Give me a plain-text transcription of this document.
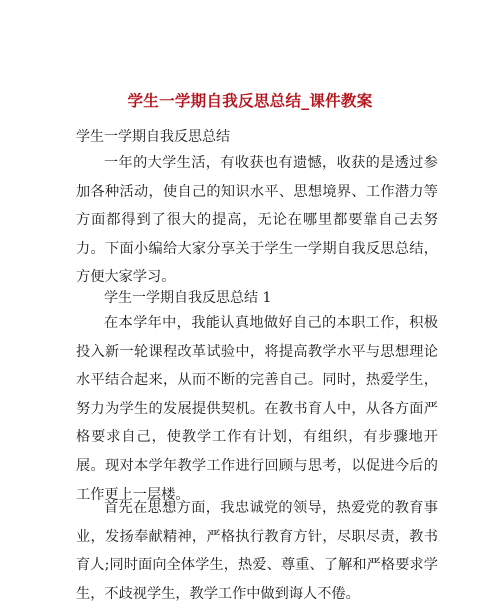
学生一学期自我反思总结_课件教案

学生一学期自我反思总结

一年的大学生活，有收获也有遗憾，收获的是透过参加各种活动，使自己的知识水平、思想境界、工作潜力等方面都得到了很大的提高，无论在哪里都要靠自己去努力。下面小编给大家分享关于学生一学期自我反思总结，方便大家学习。

学生一学期自我反思总结 1

在本学年中，我能认真地做好自己的本职工作，积极投入新一轮课程改革试验中，将提高教学水平与思想理论水平结合起来，从而不断的完善自己。同时，热爱学生，努力为学生的发展提供契机。在教书育人中，从各方面严格要求自己，使教学工作有计划，有组织，有步骤地开展。现对本学年教学工作进行回顾与思考，以促进今后的工作更上一层楼。

首先在思想方面，我忠诚党的领导，热爱党的教育事业，发扬奉献精神，严格执行教育方针，尽职尽责，教书育人;同时面向全体学生，热爱、尊重、了解和严格要求学生，不歧视学生，教学工作中做到诲人不倦。
